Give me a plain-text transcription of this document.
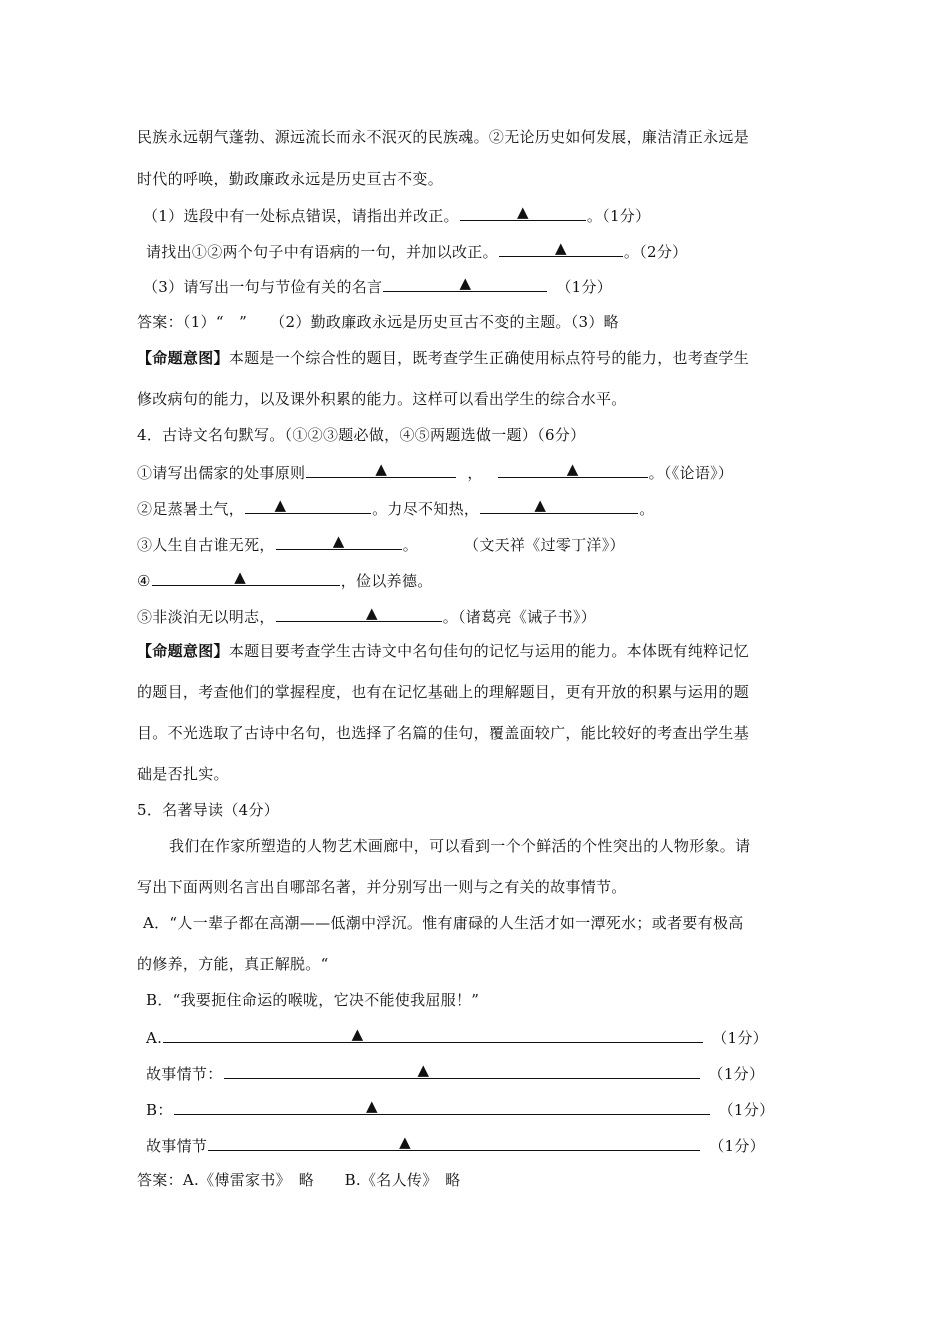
民族永远朝气蓬勃、源远流长而永不泯灭的民族魂。②无论历史如何发展，廉洁清正永远是
时代的呼唤，勤政廉政永远是历史亘古不变。
（1）选段中有一处标点错误，请指出并改正。	▲	。（1分）
请找出①②两个句子中有语病的一句，并加以改正。	▲	。（2分）
（3）请写出一句与节俭有关的名言	▲	（1分）
答案：（1）“　”　　（2）勤政廉政永远是历史亘古不变的主题。（3）略
【命题意图】本题是一个综合性的题目，既考查学生正确使用标点符号的能力，也考查学生
修改病句的能力，以及课外积累的能力。这样可以看出学生的综合水平。
4．古诗文名句默写。（①②③题必做，④⑤两题选做一题）（6分）
①请写出儒家的处事原则	▲	，	▲	。（《论语》）
②足蒸暑土气， ▲	。力尽不知热，	▲	。
③人生自古谁无死，	▲	。	（文天祥《过零丁洋》）
④	▲	，俭以养德。
⑤非淡泊无以明志，	▲	。（诸葛亮《诫子书》）
【命题意图】本题目要考查学生古诗文中名句佳句的记忆与运用的能力。本体既有纯粹记忆
的题目，考查他们的掌握程度，也有在记忆基础上的理解题目，更有开放的积累与运用的题
目。不光选取了古诗中名句，也选择了名篇的佳句，覆盖面较广，能比较好的考查出学生基
础是否扎实。
5．名著导读（4分）
我们在作家所塑造的人物艺术画廊中，可以看到一个个鲜活的个性突出的人物形象。请
写出下面两则名言出自哪部名著，并分别写出一则与之有关的故事情节。
A．“人一辈子都在高潮——低潮中浮沉。惟有庸碌的人生活才如一潭死水；或者要有极高
的修养，方能，真正解脱。“
B．“我要扼住命运的喉咙，它决不能使我屈服！”
A.	▲	（1分）
故事情节：	▲	（1分）
B：	▲	（1分）
故事情节	▲	（1分）
答案：A.《傅雷家书》　略　　B.《名人传》　略
